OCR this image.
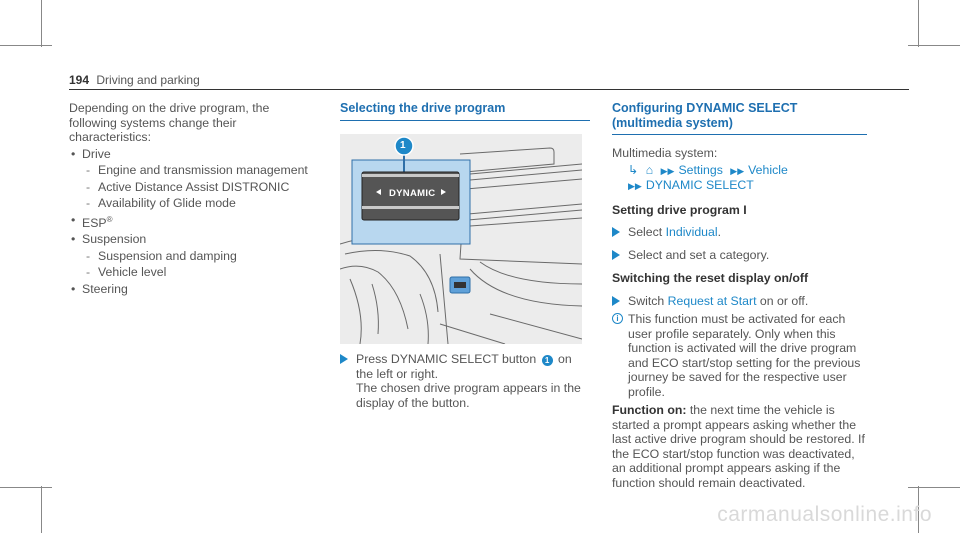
194 Driving and parking

Depending on the drive program, the following systems change their characteristics:

• Drive
- Engine and transmission management
- Active Distance Assist DISTRONIC
- Availability of Glide mode
• ESP®
• Suspension
- Suspension and damping
- Vehicle level
• Steering
Selecting the drive program
1
DYNAMIC
Press DYNAMIC SELECT button 1 on the left or right.
The chosen drive program appears in the display of the button.
Configuring DYNAMIC SELECT (multimedia system)

Multimedia system:

↳ ⌂ ▶▶ Settings ▶▶ Vehicle
▶▶ DYNAMIC SELECT
Setting drive program I
Select Individual.
Select and set a category.
Switching the reset display on/off
Switch Request at Start on or off.
i This function must be activated for each user profile separately. Only when this function is activated will the drive program and ECO start/stop setting for the previous journey be saved for the respective user profile.

Function on: the next time the vehicle is started a prompt appears asking whether the last active drive program should be restored. If the ECO start/stop function was deactivated, an additional prompt appears asking if the function should remain deactivated.

carmanualsonline.info
